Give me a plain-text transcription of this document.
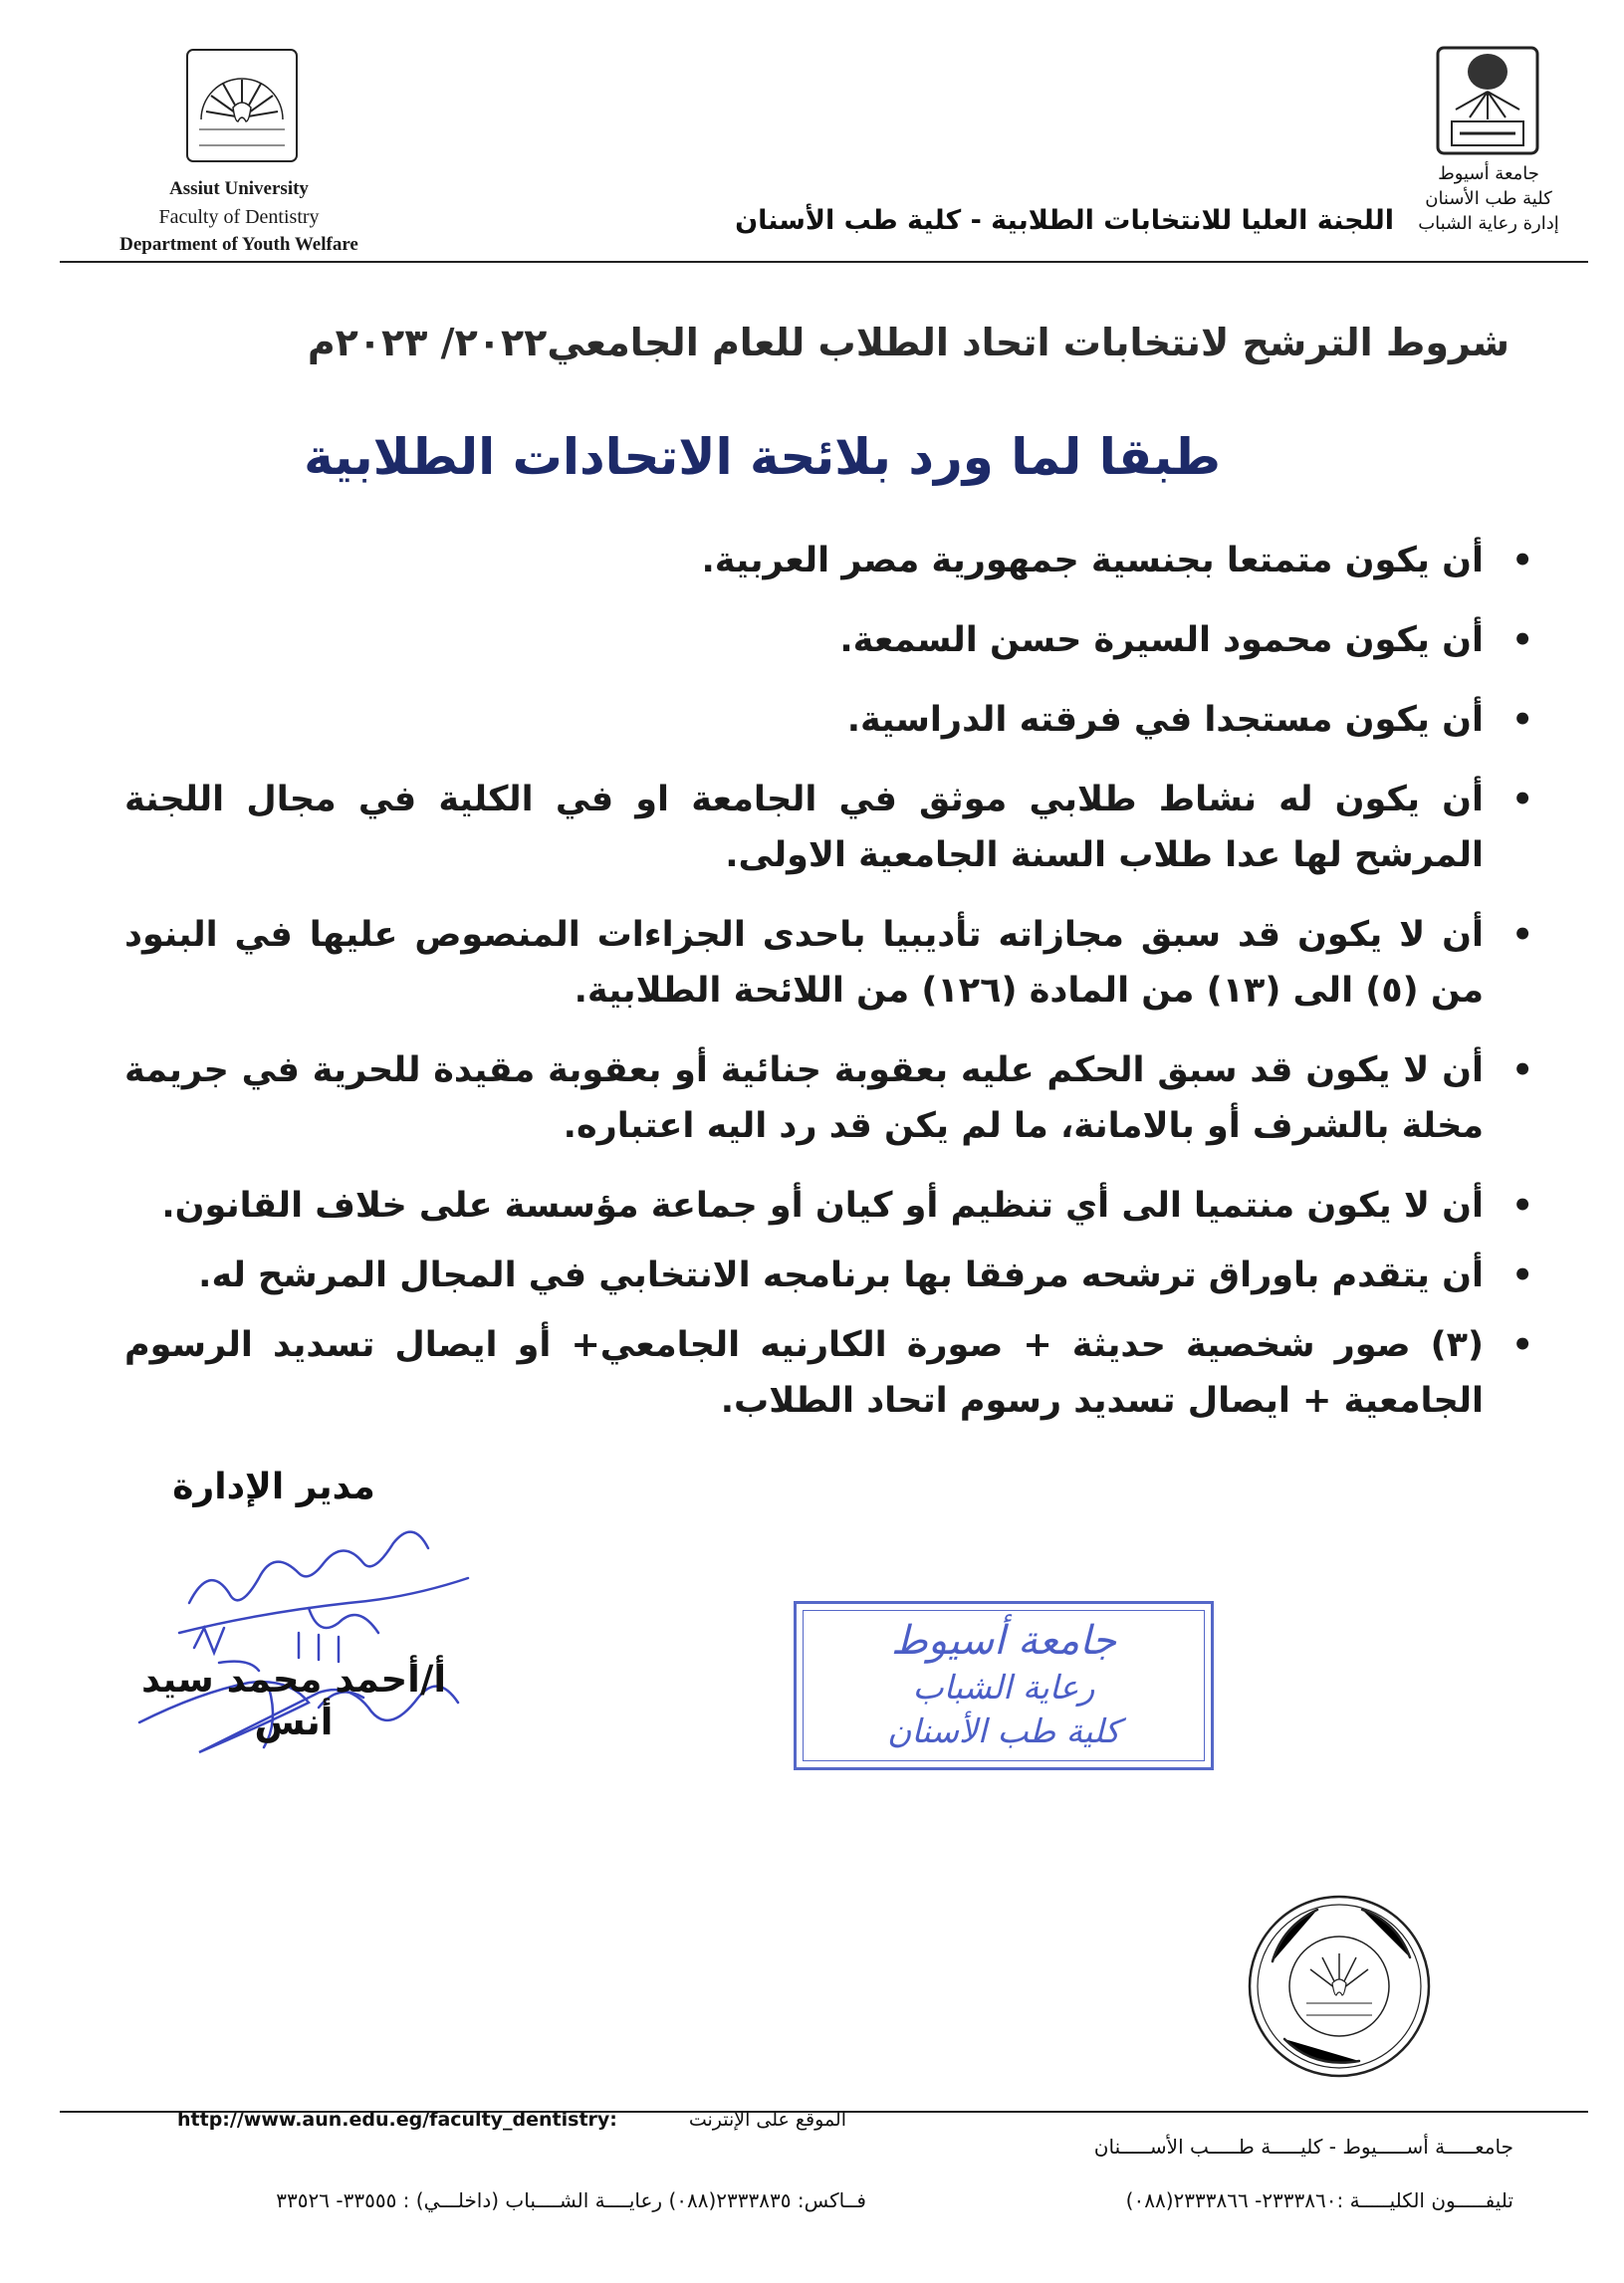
Assiut University
Faculty of Dentistry
Department of Youth Welfare
جامعة أسيوط
كلية طب الأسنان
إدارة رعاية الشباب
اللجنة العليا للانتخابات الطلابية - كلية طب الأسنان
شروط الترشح لانتخابات اتحاد الطلاب للعام الجامعي٢٠٢٢/ ٢٠٢٣م
طبقا لما ورد بلائحة الاتحادات الطلابية
•
أن يكون متمتعا بجنسية جمهورية مصر العربية.
•
أن يكون محمود السيرة حسن السمعة.
•
أن يكون مستجدا في فرقته الدراسية.
•
أن يكون له نشاط طلابي موثق في الجامعة او في الكلية في مجال اللجنة المرشح لها عدا طلاب السنة الجامعية الاولى.
•
أن لا يكون قد سبق مجازاته تأديبيا باحدى الجزاءات المنصوص عليها في البنود من (٥) الى (١٣) من المادة (١٢٦) من اللائحة الطلابية.
•
أن لا يكون قد سبق الحكم عليه بعقوبة جنائية أو بعقوبة مقيدة للحرية في جريمة مخلة بالشرف أو بالامانة، ما لم يكن قد رد اليه اعتباره.
•
أن لا يكون منتميا الى أي تنظيم أو كيان أو جماعة مؤسسة على خلاف القانون.
•
أن يتقدم باوراق ترشحه مرفقا بها برنامجه الانتخابي في المجال المرشح له.
•
(٣) صور شخصية حديثة + صورة الكارنيه الجامعي+ أو ايصال تسديد الرسوم الجامعية + ايصال تسديد رسوم اتحاد الطلاب.
مدير الإدارة
أ/أحمد محمد سيد أنس
جامعة أسيوط
رعاية الشباب
كلية طب الأسنان
http://www.aun.edu.eg/faculty_dentistry:	الموقع على الإنترنت
جامعـــــة أســـــيوط - كليـــــة طـــــب الأســـــنان
فــاكس: ٢٣٣٣٨٣٥(٠٨٨) رعايــــة الشــــباب (داخلـــي) : ٣٣٥٥٥- ٣٣٥٢٦	تليفـــــون الكليـــــة :٢٣٣٣٨٦٠- ٢٣٣٣٨٦٦(٠٨٨)
